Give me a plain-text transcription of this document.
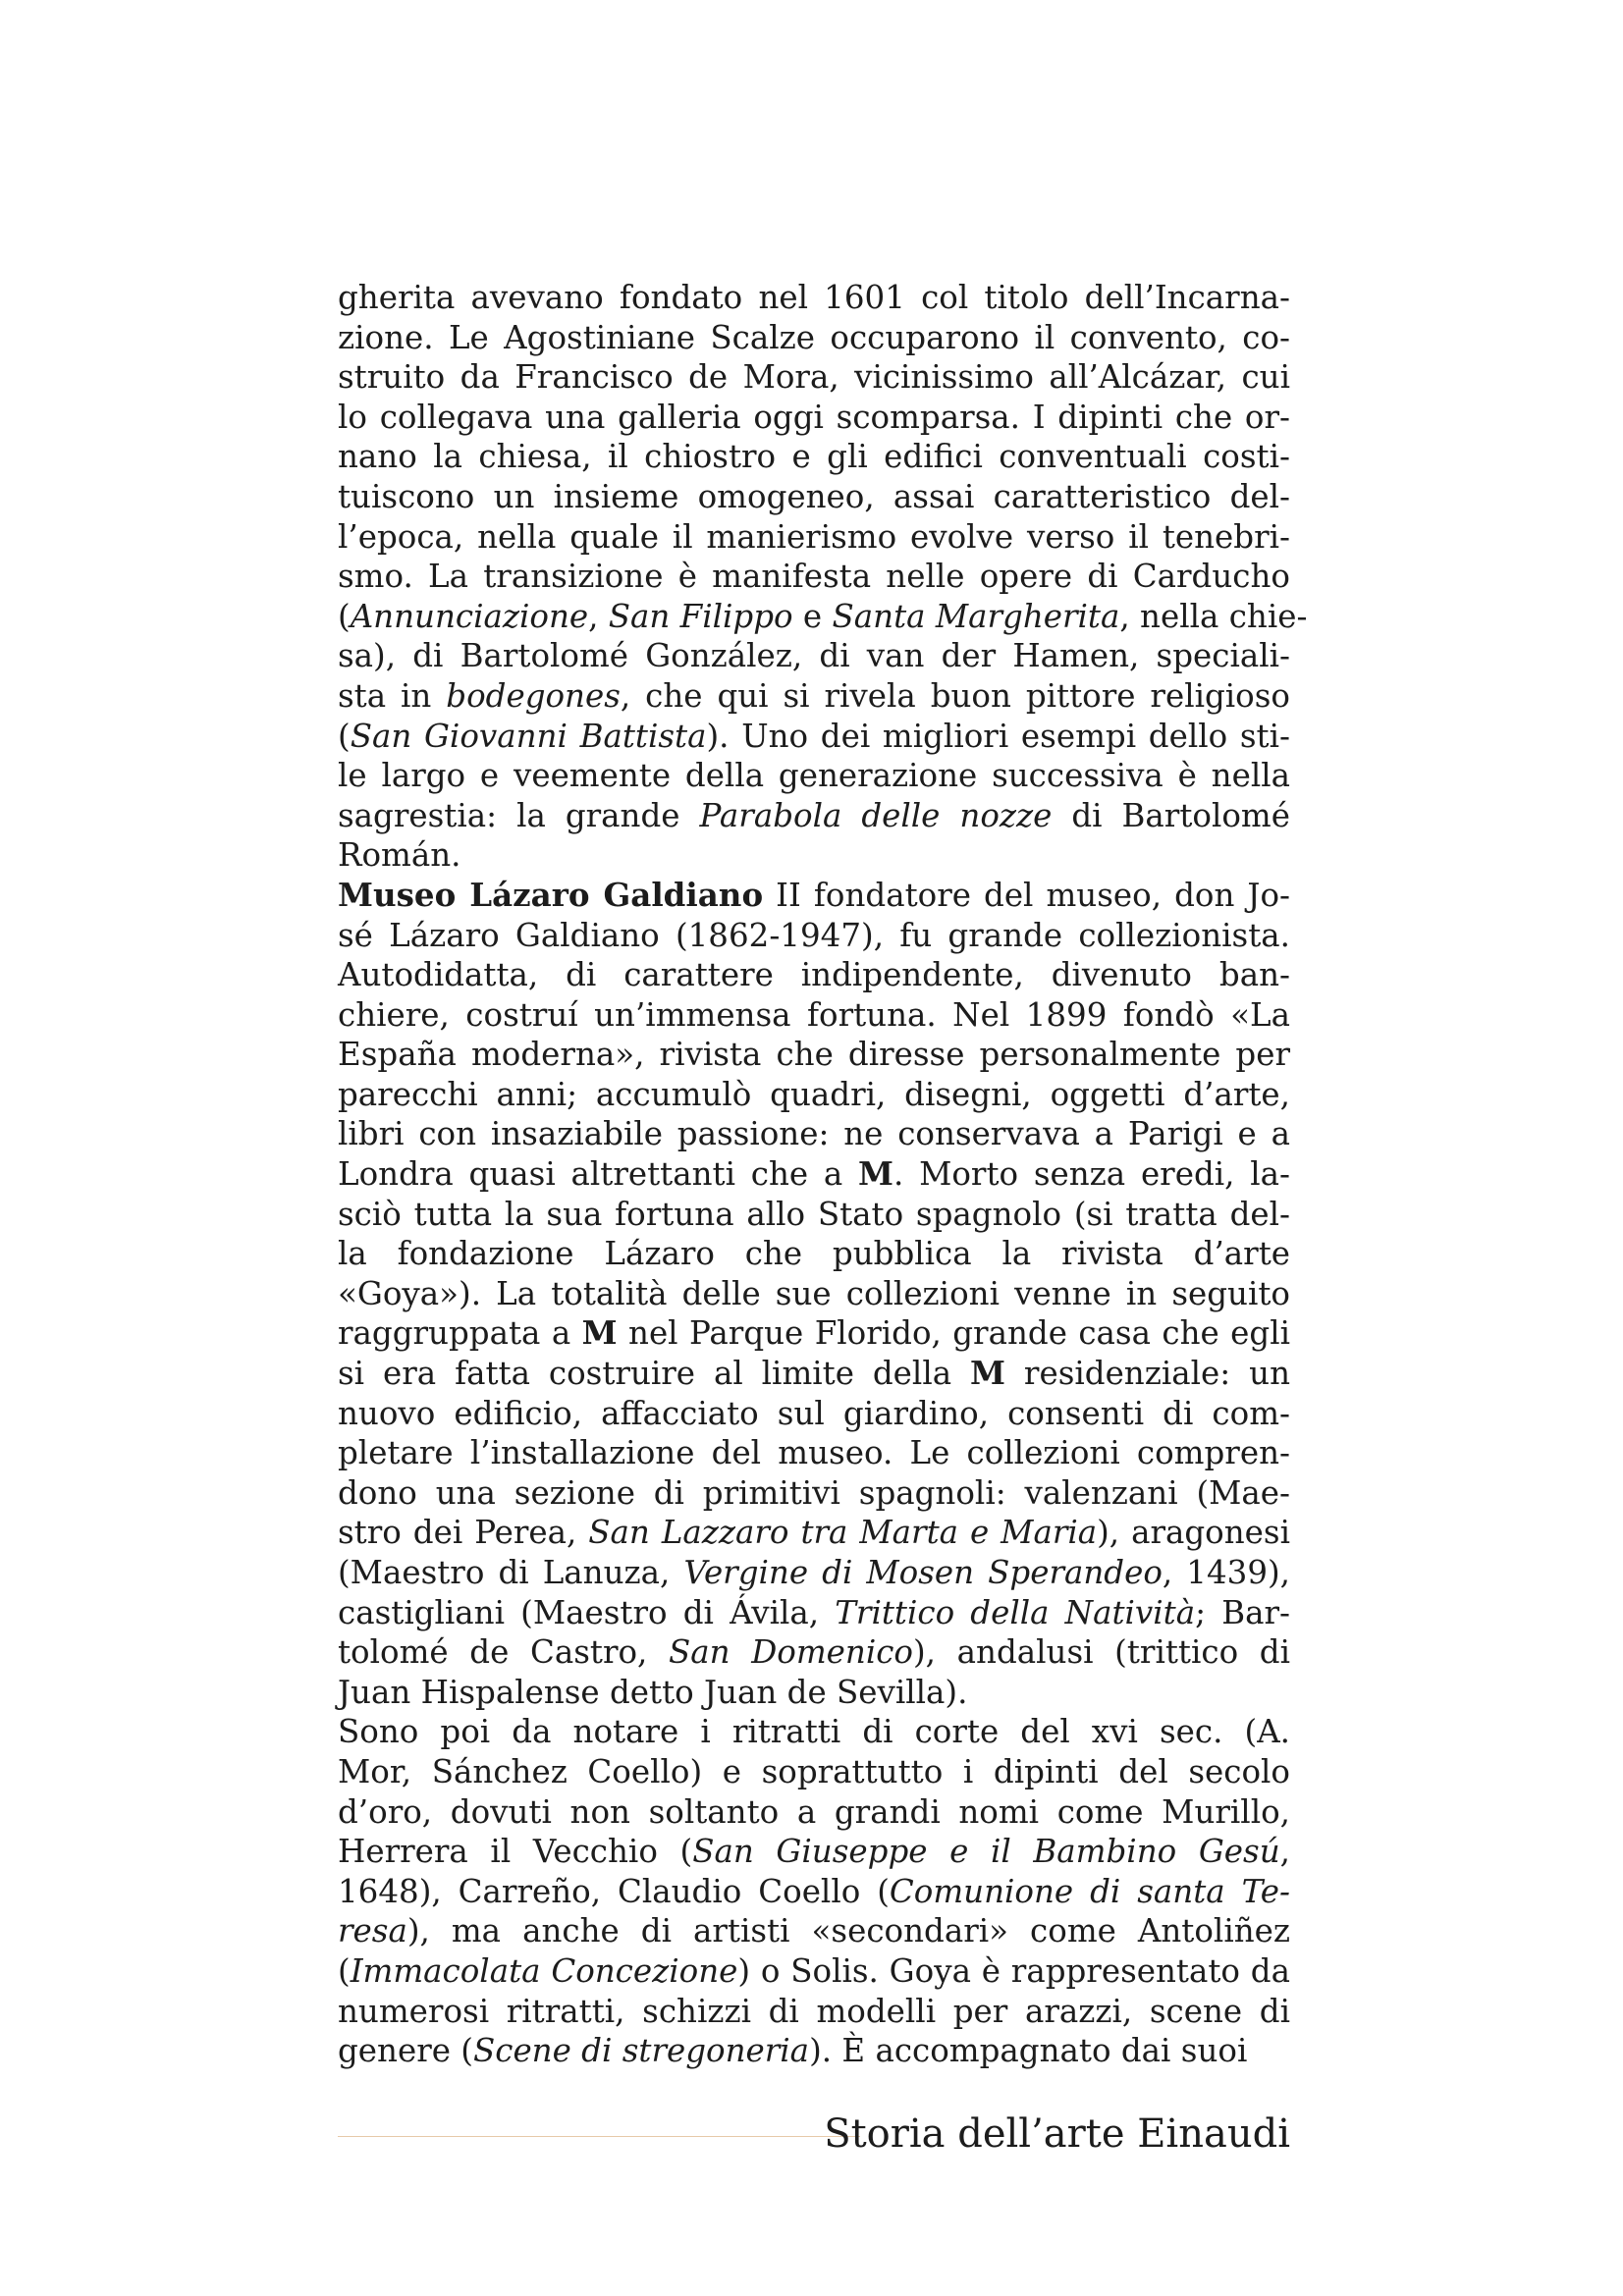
gherita avevano fondato nel 1601 col titolo dell’Incarna-
zione. Le Agostiniane Scalze occuparono il convento, co-
struito da Francisco de Mora, vicinissimo all’Alcázar, cui
lo collegava una galleria oggi scomparsa. I dipinti che or-
nano la chiesa, il chiostro e gli edifici conventuali costi-
tuiscono un insieme omogeneo, assai caratteristico del-
l’epoca, nella quale il manierismo evolve verso il tenebri-
smo. La transizione è manifesta nelle opere di Carducho
(Annunciazione, San Filippo e Santa Margherita, nella chie-
sa), di Bartolomé González, di van der Hamen, speciali-
sta in bodegones, che qui si rivela buon pittore religioso
(San Giovanni Battista). Uno dei migliori esempi dello sti-
le largo e veemente della generazione successiva è nella
sagrestia: la grande Parabola delle nozze di Bartolomé
Román.
Museo Lázaro Galdiano II fondatore del museo, don Jo-
sé Lázaro Galdiano (1862-1947), fu grande collezionista.
Autodidatta, di carattere indipendente, divenuto ban-
chiere, costruí un’immensa fortuna. Nel 1899 fondò «La
España moderna», rivista che diresse personalmente per
parecchi anni; accumulò quadri, disegni, oggetti d’arte,
libri con insaziabile passione: ne conservava a Parigi e a
Londra quasi altrettanti che a M. Morto senza eredi, la-
sciò tutta la sua fortuna allo Stato spagnolo (si tratta del-
la fondazione Lázaro che pubblica la rivista d’arte
«Goya»). La totalità delle sue collezioni venne in seguito
raggruppata a M nel Parque Florido, grande casa che egli
si era fatta costruire al limite della M residenziale: un
nuovo edificio, affacciato sul giardino, consenti di com-
pletare l’installazione del museo. Le collezioni compren-
dono una sezione di primitivi spagnoli: valenzani (Mae-
stro dei Perea, San Lazzaro tra Marta e Maria), aragonesi
(Maestro di Lanuza, Vergine di Mosen Sperandeo, 1439),
castigliani (Maestro di Ávila, Trittico della Natività; Bar-
tolomé de Castro, San Domenico), andalusi (trittico di
Juan Hispalense detto Juan de Sevilla).
Sono poi da notare i ritratti di corte del xvi sec. (A.
Mor, Sánchez Coello) e soprattutto i dipinti del secolo
d’oro, dovuti non soltanto a grandi nomi come Murillo,
Herrera il Vecchio (San Giuseppe e il Bambino Gesú,
1648), Carreño, Claudio Coello (Comunione di santa Te-
resa), ma anche di artisti «secondari» come Antoliñez
(Immacolata Concezione) o Solis. Goya è rappresentato da
numerosi ritratti, schizzi di modelli per arazzi, scene di
genere (Scene di stregoneria). È accompagnato dai suoi
Storia dell’arte Einaudi
